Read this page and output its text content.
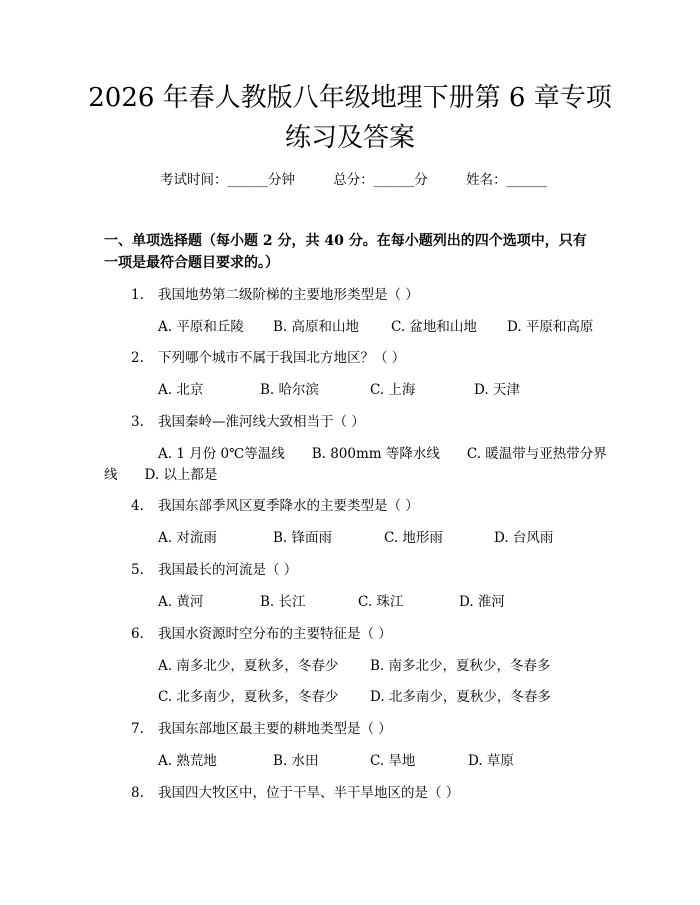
2026 年春人教版八年级地理下册第 6 章专项
练习及答案
考试时间：______分钟	总分：______分	姓名：______
一、单项选择题（每小题 2 分，共 40 分。在每小题列出的四个选项中，只有一项是最符合题目要求的。）
1. 我国地势第二级阶梯的主要地形类型是（ ）
A. 平原和丘陵 B. 高原和山地 C. 盆地和山地 D. 平原和高原
2. 下列哪个城市不属于我国北方地区？（ ）
A. 北京	B. 哈尔滨	C. 上海	D. 天津
3. 我国秦岭—淮河线大致相当于（ ）
A. 1 月份 0℃等温线　　B. 800mm 等降水线　　C. 暖温带与亚热带分界
线　　D. 以上都是
4. 我国东部季风区夏季降水的主要类型是（ ）
A. 对流雨	B. 锋面雨	C. 地形雨	D. 台风雨
5. 我国最长的河流是（ ）
A. 黄河	B. 长江	C. 珠江	D. 淮河
6. 我国水资源时空分布的主要特征是（ ）
A. 南多北少，夏秋多，冬春少 B. 南多北少，夏秋少，冬春多
C. 北多南少，夏秋多，冬春少 D. 北多南少，夏秋少，冬春多
7. 我国东部地区最主要的耕地类型是（ ）
A. 熟荒地	B. 水田	C. 旱地	D. 草原
8. 我国四大牧区中，位于干旱、半干旱地区的是（ ）
